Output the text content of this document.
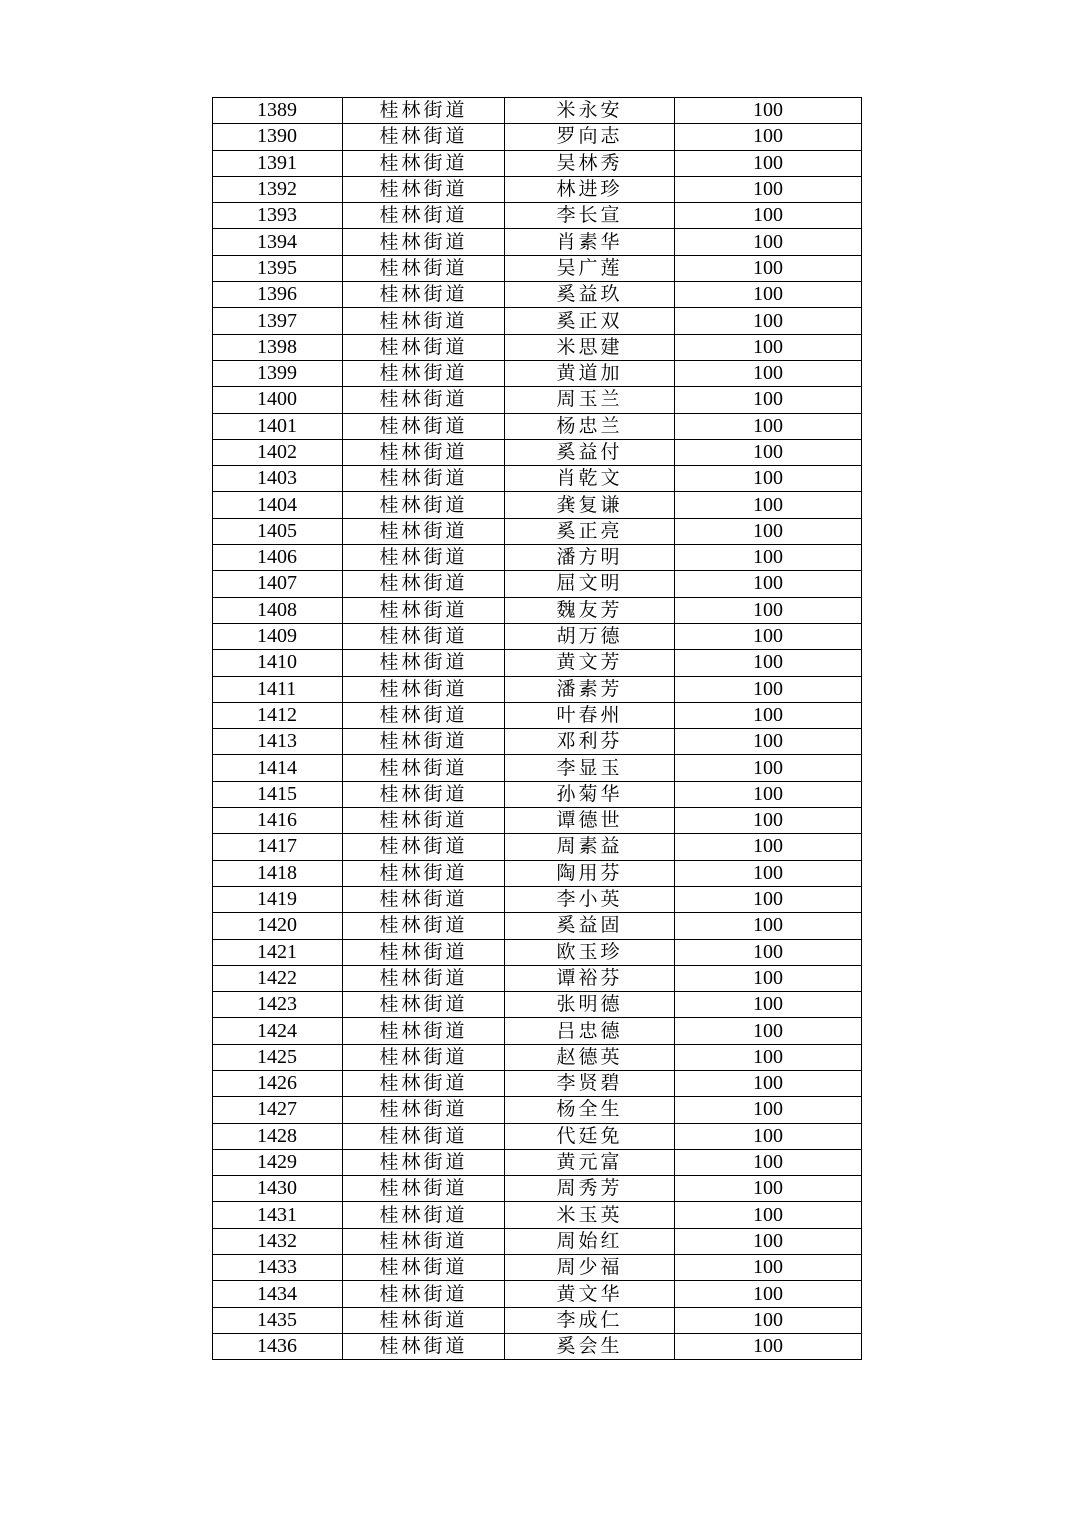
1389	桂林街道	米永安	100
1390	桂林街道	罗向志	100
1391	桂林街道	吴林秀	100
1392	桂林街道	林进珍	100
1393	桂林街道	李长宣	100
1394	桂林街道	肖素华	100
1395	桂林街道	吴广莲	100
1396	桂林街道	奚益玖	100
1397	桂林街道	奚正双	100
1398	桂林街道	米思建	100
1399	桂林街道	黄道加	100
1400	桂林街道	周玉兰	100
1401	桂林街道	杨忠兰	100
1402	桂林街道	奚益付	100
1403	桂林街道	肖乾文	100
1404	桂林街道	龚复谦	100
1405	桂林街道	奚正亮	100
1406	桂林街道	潘方明	100
1407	桂林街道	屈文明	100
1408	桂林街道	魏友芳	100
1409	桂林街道	胡万德	100
1410	桂林街道	黄文芳	100
1411	桂林街道	潘素芳	100
1412	桂林街道	叶春州	100
1413	桂林街道	邓利芬	100
1414	桂林街道	李显玉	100
1415	桂林街道	孙菊华	100
1416	桂林街道	谭德世	100
1417	桂林街道	周素益	100
1418	桂林街道	陶用芬	100
1419	桂林街道	李小英	100
1420	桂林街道	奚益固	100
1421	桂林街道	欧玉珍	100
1422	桂林街道	谭裕芬	100
1423	桂林街道	张明德	100
1424	桂林街道	吕忠德	100
1425	桂林街道	赵德英	100
1426	桂林街道	李贤碧	100
1427	桂林街道	杨全生	100
1428	桂林街道	代廷免	100
1429	桂林街道	黄元富	100
1430	桂林街道	周秀芳	100
1431	桂林街道	米玉英	100
1432	桂林街道	周始红	100
1433	桂林街道	周少福	100
1434	桂林街道	黄文华	100
1435	桂林街道	李成仁	100
1436	桂林街道	奚会生	100
